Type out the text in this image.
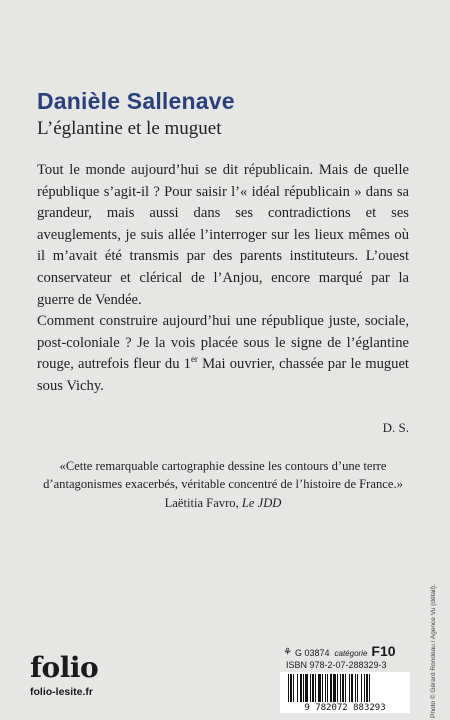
Danièle Sallenave
L’églantine et le muguet

Tout le monde aujourd’hui se dit républicain. Mais de quelle république s’agit-il ? Pour saisir l’« idéal républicain » dans sa grandeur, mais aussi dans ses contradictions et ses aveuglements, je suis allée l’interroger sur les lieux mêmes où il m’avait été transmis par des parents instituteurs. L’ouest conservateur et clérical de l’Anjou, encore marqué par la guerre de Vendée.

Comment construire aujourd’hui une république juste, sociale, post-coloniale ? Je la vois placée sous le signe de l’églantine rouge, autrefois fleur du 1er Mai ouvrier, chassée par le muguet sous Vichy.

D. S.

«Cette remarquable cartographie dessine les contours d’une terre d’antagonismes exacerbés, véritable concentré de l’histoire de France.»

Laëtitia Favro, Le JDD
folio
folio-lesite.fr
⚘ G 03874 catégorie F10
ISBN 978-2-07-288329-3
9 782072 883293	Photo © Gérard Rondeau / Agence Vu (détail).
